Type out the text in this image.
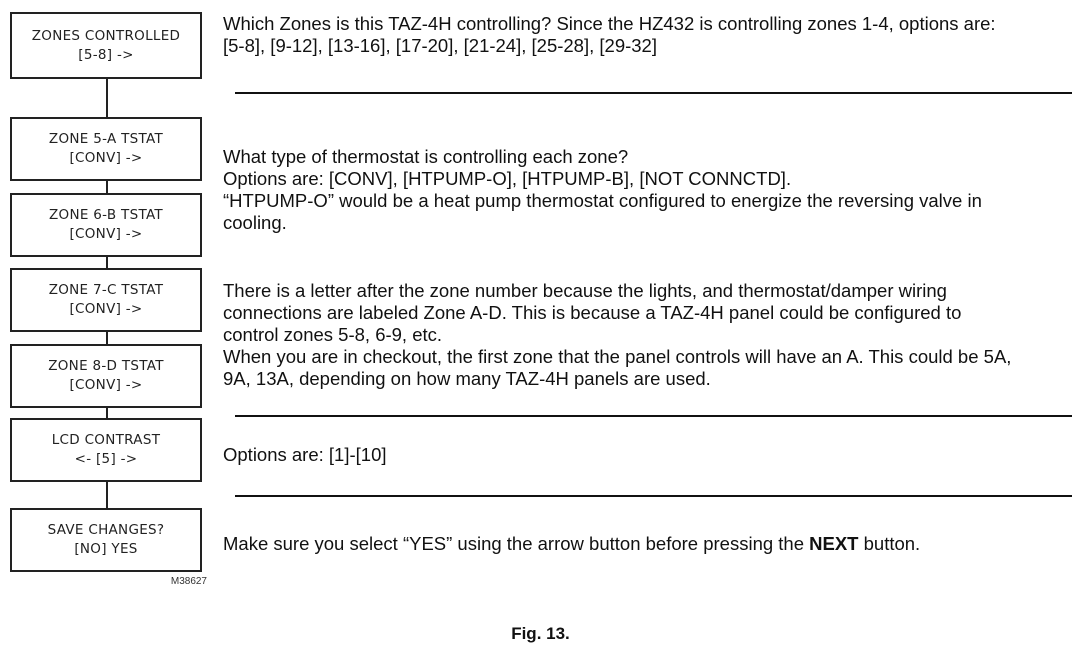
ZONES CONTROLLED
[5-8] ->
ZONE 5-A TSTAT
[CONV] ->
ZONE 6-B TSTAT
[CONV] ->
ZONE 7-C TSTAT
[CONV] ->
ZONE 8-D TSTAT
[CONV] ->
LCD CONTRAST
<- [5] ->
SAVE CHANGES?
[NO] YES
M38627
Which Zones is this TAZ-4H controlling? Since the HZ432 is controlling zones 1-4, options are:
[5-8], [9-12], [13-16], [17-20], [21-24], [25-28], [29-32]
What type of thermostat is controlling each zone?
Options are: [CONV], [HTPUMP-O], [HTPUMP-B], [NOT CONNCTD].
“HTPUMP-O” would be a heat pump thermostat configured to energize the reversing valve in
cooling.
There is a letter after the zone number because the lights, and thermostat/damper wiring
connections are labeled Zone A-D. This is because a TAZ-4H panel could be configured to
control zones 5-8, 6-9, etc.
When you are in checkout, the first zone that the panel controls will have an A. This could be 5A,
9A, 13A, depending on how many TAZ-4H panels are used.
Options are: [1]-[10]
Make sure you select “YES” using the arrow button before pressing the NEXT button.
Fig. 13.
